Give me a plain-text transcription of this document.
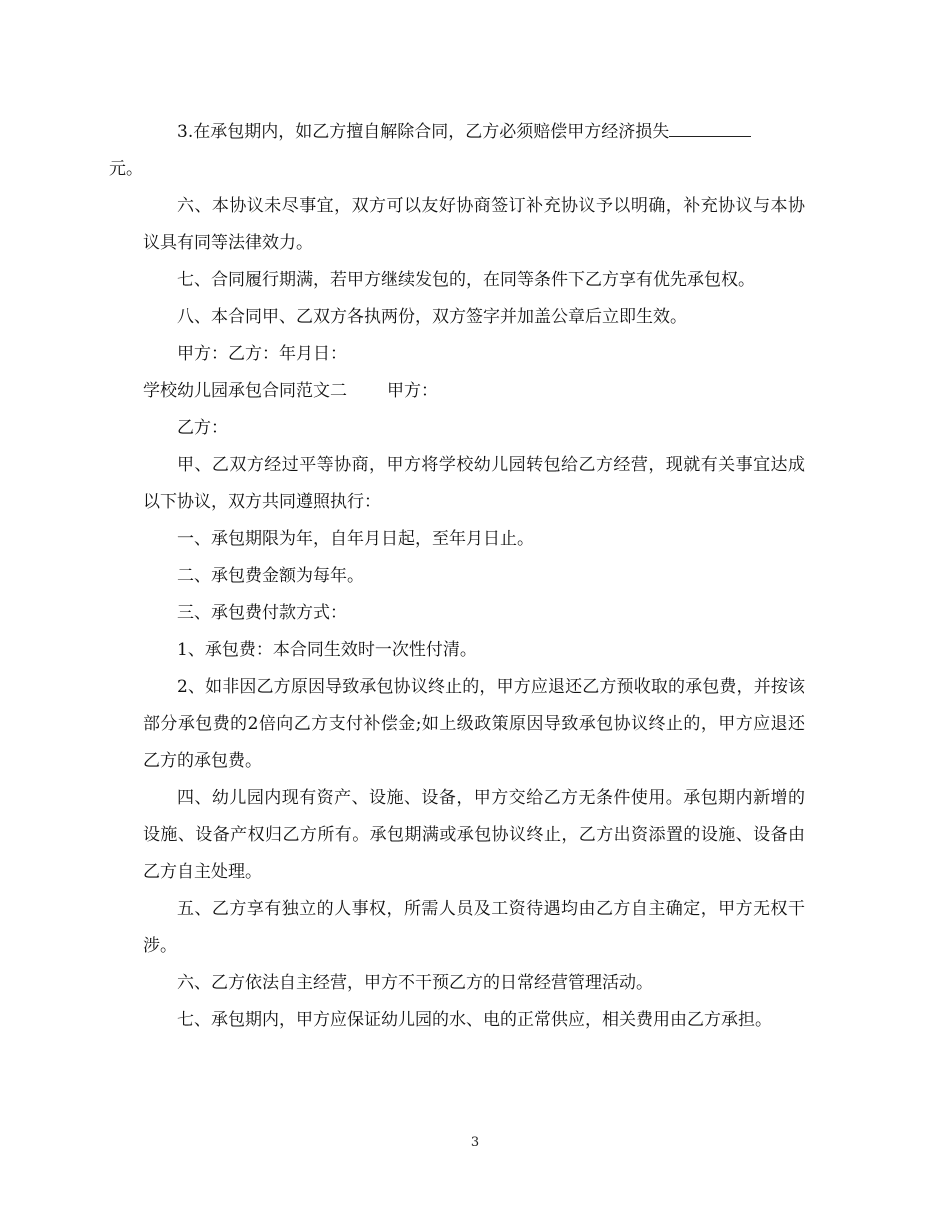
3.在承包期内，如乙方擅自解除合同，乙方必须赔偿甲方经济损失
元。

六、本协议未尽事宜，双方可以友好协商签订补充协议予以明确，补充协议与本协议具有同等法律效力。

七、合同履行期满，若甲方继续发包的，在同等条件下乙方享有优先承包权。

八、本合同甲、乙双方各执两份，双方签字并加盖公章后立即生效。

甲方：乙方：年月日：

学校幼儿园承包合同范文二 甲方：

乙方：

甲、乙双方经过平等协商，甲方将学校幼儿园转包给乙方经营，现就有关事宜达成以下协议，双方共同遵照执行：

一、承包期限为年，自年月日起，至年月日止。

二、承包费金额为每年。

三、承包费付款方式：

1、承包费：本合同生效时一次性付清。

2、如非因乙方原因导致承包协议终止的，甲方应退还乙方预收取的承包费，并按该部分承包费的2倍向乙方支付补偿金;如上级政策原因导致承包协议终止的，甲方应退还乙方的承包费。

四、幼儿园内现有资产、设施、设备，甲方交给乙方无条件使用。承包期内新增的设施、设备产权归乙方所有。承包期满或承包协议终止，乙方出资添置的设施、设备由乙方自主处理。

五、乙方享有独立的人事权，所需人员及工资待遇均由乙方自主确定，甲方无权干涉。

六、乙方依法自主经营，甲方不干预乙方的日常经营管理活动。

七、承包期内，甲方应保证幼儿园的水、电的正常供应，相关费用由乙方承担。

3
